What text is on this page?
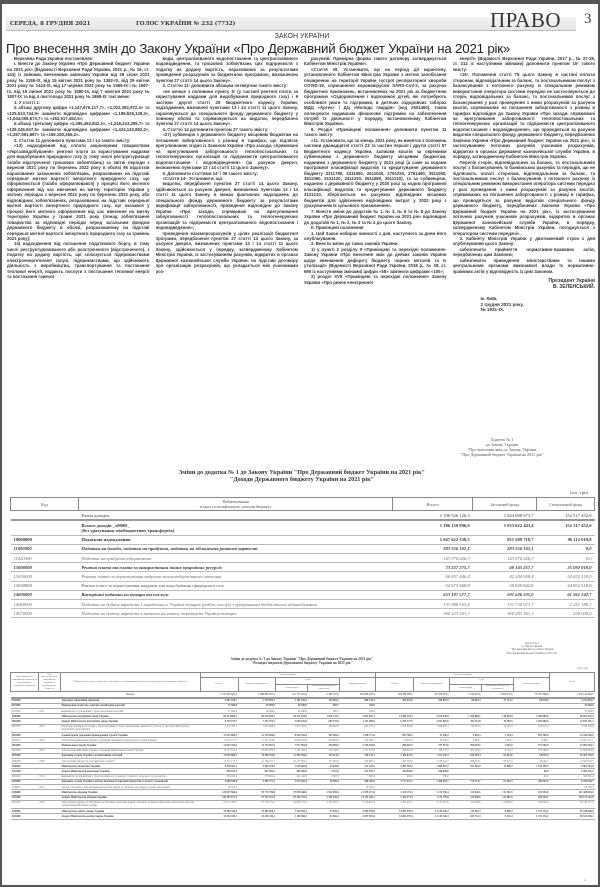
СЕРЕДА, 8 ГРУДНЯ 2021	ГОЛОС УКРАЇНИ № 232 (7732)	ПРАВО 3
ЗАКОН УКРАЇНИ
Про внесення змін до Закону України «Про Державний бюджет України на 2021 рік»

Верховна Рада України постановляє:

I. Внести до Закону України «Про Державний бюджет України на 2021 рік» (Відомості Верховної Ради України, 2021 р., № 16, ст. 144) із змінами, внесеними законами України від 28 січня 2021 року № 1158-IX, від 15 квітня 2021 року № 1392-IX, від 29 квітня 2021 року № 1424-IX, від 17 червня 2021 року № 1559-IX і № 1567-IX, від 15 липня 2021 року № 1680-IX, від 7 жовтня 2021 року № 1807-IX та від 4 листопада 2021 року № 1868-IX такі зміни:

1. У статті 1:

в абзаці другому цифри «1,147,676,117,7», «1,022,382,972,4» та «125,613,744,9» замінити відповідно цифрами «1,196,526,126,3», «1,044,008,673,7» та «152,517,452,6»;

в абзаці третьому цифри «1,395,462,842,2», «1,246,243,295,7» та «129,246,647,5» замінити відповідно цифрами «1,424,142,852,2», «1,267,991,687» та «156,150,265,2».

2. Статтю 11 доповнити пунктами 13 і 14 такого змісту:

«13) надходження від сплати акціонерним товариством «Укргазвидобування» рентної плати за користування надрами для видобування природного газу (у тому числі реструктуризації та/або відстроченої грошових зобов'язань) за звітні періоди з вересня 2021 року по березень 2022 року в обсязі 96 відсотків нарахованих зазначених зобов'язань, розрахованих на підставі середньої митної вартості імпортного природного газу, що оформлюється (та/або оформлювався) у процесі його митного оформлення від час ввезення на митну територію України у звітних періодах з вересня 2021 року по березень 2022 року, або відповідних зобов'язаннях, розрахованих на підставі середньої митної вартості імпортного природного газу, що оказався у процесі його митного оформлення від час ввезення на митну територію України у травні 2021 року (понад зобов'язання товариства за відповідні періоди перед загальним фондом державного бюджету в обсязі, розрахованому на підставі середньої митної вартості імпортного природного газу за травень 2021 року);

14) надходження від погашення податкового боргу, в тому числі реструктуризованого або розстроченого (відстроченого), з податку на додану вартість, що сплачується підприємствами електроенергетичної галузі, підприємствами, що здійснюють діяльність з виробництва, транспортування та постачання теплової енергії, надають послуги з постачання теплової енергії та постачання гарячої

води, централізованого водопостачання та централізованого водовідведення, та грошових зобов'язань цих підприємств з податку на додану вартість, нарахованих за результатами проведення розрахунків за бюджетною програмою, визначеною пунктом 27 статті 14 цього Закону».

3. Статтю 11¹ доповнити абзацом четвертим такого змісту:

«не менше з половини пункту 5¹ (у частині рентної плати за користування надрами для видобування природного газу) і 9 частини другої статті 29 Бюджетного кодексу України, надходження, визначені пунктами 13 і 14 статті 11 цього Закону, зараховуються до спеціального фонду державного бюджету у повному обсязі та спрямовуються на видатки, передбачені пунктом 27 статті 14 цього Закону».

4. Статтю 14 доповнити пунктом 27 такого змісту:

«27) субвенцію з державного бюджету місцевим бюджетам на погашення заборгованості з різниці в тарифах, що підлягає врегулюванню згідно із Законом України «Про заходи, спрямовані на врегулювання заборгованості теплопостачальних та теплогенеруючих організацій та підприємств централізованого водопостачання і водовідведення» (за рахунок джерел, визначених пунктами 13 і 14 статті 11 цього Закону)».

5. Доповнити статтями 14¹ і 39 такого змісту:

«Стаття 14¹. Установити, що:

видатки, передбачені пунктом 27 статті 14 цього Закону, здійснюються за рахунок джерел, визначених пунктами 13 і 14 статті 11 цього Закону, в межах фактичних надходжень до спеціального фонду державного бюджету за результатами верифікації заборгованості, проведеної відповідно до Закону України «Про заходи, спрямовані на врегулювання заборгованості теплопостачальних та теплогенеруючих організацій та підприємств централізованого водопостачання і водовідведення»;

проведення взаєморозрахунків у цілях реалізації бюджетної програми, передбаченої пунктом 27 статті 14 цього Закону, за рахунок джерел, визначених пунктами 13 і 14 статті 11 цього Закону, здійснюється у порядку, затвердженому Кабінетом Міністрів України, із застосуванням рахунків, відкритих в органах Державної казначейської служби України, на підставі договору про організацію розрахунків, що укладається між учасниками роз-

рахунків. Примірна форма такого договору затверджується Кабінетом Міністрів України».

«Стаття 39. Установити, що на період дії карантину, установленого Кабінетом Міністрів України з метою запобігання поширенню на території України гострої респіраторної хвороби COVID-19, спричиненої коронавірусом SARS-CoV-2, за рахунок бюджетних призначень, встановлених на 2021 рік за бюджетною програмою «Оздоровлення і відпочинок дітей, які потребують особливої уваги та підтримки, в дитячих оздоровчих таборах МДЦ «Артек» і ДЦ «Молода гвардія» (код 2501460), також оплачувати надавачам фінансове підтримки на забезпечення потреб їх діяльності у порядку, встановленому Кабінетом Міністрів України».

6. Розділ «Прикінцеві положення» доповнити пунктом 11 такого змісту:

«11. Установити, що за кінець 2021 року, як виняток з положень частини дванадцятої статті 23 та частин першої і другої статті 57 Бюджетного кодексу України, залишки коштів за окремими субвенціями з державного бюджету місцевим бюджетам, наданими з державного бюджету у 2021 році (а саме за кодами програмної класифікації видатків та кредитування державного бюджету 2211790, 2411050, 2611040, 2761220, 2761490, 3511050, 3511060, 3121120, 3411220, 3511080, 3611210), та за субвенцією, наданою з державного бюджету у 2020 році за кодом програмної класифікації видатків та кредитування державного бюджету 3131210, зберігаються на рахунках відповідних місцевих бюджетів для здійснення відповідних витрат у 2022 році з урахуванням їх цільового призначення».

7. Внести зміни до додатків № 1, № 3, № 6 та № 8 до Закону України «Про Державний бюджет України на 2021 рік» відповідно до додатків № 1, № 2, № 3 та № 4 до цього Закону.

II. Прикінцеві положення

1. Цей Закон набирає чинності з дня, наступного за днем його опублікування.

2. Внести зміни до таких законів України:

1) у пункті 2 розділу II «Прикінцеві та перехідні положення» Закону України «Про внесення змін до деяких законів України щодо зменшення дефіциту бюджету чорних металів та їх утилізації» (Відомості Верховної Ради України, 2018 р., № 39, ст. 690 із наступними змінами) цифри «58» замінити цифрами «100»;

2) розділ XVII «Прикінцеві та перехідні положення» Закону України «Про ринок електричної

енергії» (Відомості Верховної Ради України, 2017 р., № 27-28, ст. 312 із наступними змінами) доповнити пунктом 15¹ такого змісту:

«15¹. Положення статті 75 цього Закону в частині оплати сторонам, відповідальним за баланс, та постачальникам послуг з балансування з поточного рахунку із спеціальним режимом використання оператора системи передачі не застосовуються до сторін, відповідальних за баланс, та постачальників послуг з балансування у разі проведення з ними розрахунків за рахунок коштів, спрямованих на погашення заборгованості з різниці в тарифах відповідно до Закону України «Про заходи, спрямовані на врегулювання заборгованості теплопостачальних та теплогенеруючих організацій та підприємств централізованого водопостачання і водовідведення», що проводяться за рахунок видатків спеціального фонду державного бюджету, передбачених Законом України «Про Державний бюджет України на 2021 рік», із застосуванням поточних рахунків учасників розрахунків, відкритих в органах Державної казначейської служби України, в порядку, затвердженому Кабінетом Міністрів України.

Перелік сторін, відповідальних за баланс, та постачальників послуг з балансування, їх банківських рахунків та періодів, що не підлягають оплаті сторонам, відповідальним за баланс, та постачальникам послуг з балансування з поточного рахунку із спеціальним режимом використання оператора системи передачі у разі проведення з ними розрахунків за рахунок коштів, спрямованих на погашення заборгованості з різниці в тарифах, що проводяться за рахунок видатків спеціального фонду державного бюджету, передбачених Законом України «Про Державний бюджет України на 2021 рік», із застосуванням поточних рахунків учасників розрахунків, відкритих в органах Державної казначейської служби України, в порядку, затвердженому Кабінетом Міністрів України, погоджується з оператором системи передачі».

3. Кабінету Міністрів України у двотижневий строк з дня опублікування цього Закону:

забезпечити прийняття нормативно-правових актів, передбачених цим Законом;

забезпечити приведення міністерствами та іншими центральними органами виконавчої влади їх нормативно-правових актів у відповідність із цим Законом.

Президент України
В. ЗЕЛЕНСЬКИЙ.
м. Київ,
2 грудня 2021 року.
№ 1931-IX.
Додаток № 1
до Закону України
"Про внесення змін до Закону України
"Про Державний бюджет України на 2021 рік"
Зміни до додатка № 1 до Закону України "Про Державний бюджет України на 2021 рік"
"Доходи Державного бюджету України на 2021 рік"
(тис. грн)
Код	Найменування
згідно з класифікацією доходів бюджету	Всього	Загальний фонд	Спеціальний фонд
	Разом доходів:	1 196 526 126,3	1 044 008 673,7	152 517 452,6
	Всього доходів _x000D_
(без урахування міжбюджетних трансфертів)	1 186 139 896,0	1 033 622 443,4	152 517 452,6
10000000	Податкові надходження	1 047 622 338,5	951 509 718,7	96 112 619,8
11000000	Податки на доходи, податки на прибуток, податки на збільшення ринкової вартості	283 556 102,1	283 556 102,1	0,0
11020000	Податок на прибуток підприємств	143 976 026,3	143 976 026,3	0,0
13000000	Рентна плата та плата за використання інших природних ресурсів	73 237 275,7	48 145 257,7	25 092 018,0
13030000	Рентна плата за користування надрами загальнодержавного значення	66 857 446,4	42 204 928,4	24 652 518,0
13030800	Рентна плата за користування надрами для видобування природного газу	54 673 360,8	30 020 842,8	24 652 518,0
14000000	Внутрішні податки на товари та послуги	653 197 577,7	591 636 335,0	61 561 242,7
14060000	Податок на додану вартість з вироблених в Україні товарів (робіт, послуг) з урахуванням бюджетного відшкодування	133 986 163,4	131 734 973,7	2 251 189,7
14070000	Податок на додану вартість з ввезених на митну територію України товарів	360 523 361,3	360 293 361,3	230 000,0
Додаток № 2
до Закону України
"Про внесення змін до Закону України
"Про Державний бюджет України на 2021 рік"
Зміни до додатка № 3 до Закону України "Про Державний бюджет України на 2021 рік"
"Розподіл видатків Державного бюджету України на 2021 рік"
(тис. грн)
Код програмної класифікації видатків та кредитування державного бюджету	Код функціональної класифікації видатків та кредитування бюджету	Найменування згідно з відомчою і програмною класифікаціями видатків та кредитування державного бюджету	Загальний фонд					Спеціальний фонд					Разом
			Всього	видатки споживання	з них		видатки розвитку	Всього	видатки споживання	з них		видатки розвитку	
					оплата праці	комунальні послуги та енергоносії				оплата праці	комунальні послуги та енергоносії		
		Всього	1 247 991 687,0	1 088 868 267,1	213 772 163,8	8 400 207,0	159 086 225,9	164 180 399,2	87 929 594,7	7 610 242,6	1 968 315,0	76 787 408,0	1 424 142 082,2
0300000		Державне управління справами	2 967 246,7	2 278 964,3	1 181 642,9	164 656,2	688 742,4	261 633,5	266 897,9	86 683,4	37 134,2	96 070,6	3 231 863,2
0310000		Національне агентство з питань запобігання корупції	37 068,8	36 899,0	26 948,9	960,7	169,8						37 068,8
0310010	0111	Керівництво та управління у сфері запобігання корупції	37 068,8	36 899,0	26 948,9	960,7	169,8						37 068,8
1000000		Міністерство внутрішніх справ України	86 254 688,1	80 310 633,5	58 571 624,8	1 656 170,2	4 994 055,1	12 460 135,3	4 976 048,8	1 590 060,1	148 565,8	7 483 086,5	98 662 823,4
1001000		Апарат Міністерства внутрішніх справ України	8 478 773,7	7 337 474,7	4 649 632,6	284 179,4	1 141 099,0	6 454 377,5	2 042 897,6	392 115,8	46 495,5	4 393 080,5	14 933 151,2
1001070	0310	Реалізація державної політики у сфері внутрішніх справ, забезпечення діяльності установ та закладів Міністерства внутрішніх справ України	7 415 583,1	7 014 408,0	5 617 970,9	189 663,5	401 075,1	1 913 653,0	1 068 895,1	110 087,5	12 405,3	550 017,4	7 748 318,6
1002000		Адміністрація Державної прикордонної служби України	13 553 869,5	12 378 098,0	8 956 768,4	367 484,3	1 198 771,6	891 788,1	31 396,2	9 045,5	3 139,3	857 385,9	14 445 656,6
1002010	0310	Забезпечення виконання завдань та функцій Державної прикордонної служби України	11 814 777,7	11 227 708,8	8 083 418,8	248 804,0	592 068,1	20 097,6	37 953,3	6 984,7	2 663,2	3 080,7	11 861 877,1
1003000		Національна гвардія України	14 092 763,6	11 744 857,4	7 977 964,8	439 808,2	2 105 935,6	598 681,3	787 874,6	490 018,6	4 063,9	151 565,8	14 984 364,2
1003020	0310	Забезпечення виконання завдань та функцій Національної гвардії України	11 773 513,3	10 045 877,5	7 181 325,2	219 148,9	1 117 475,8	566 341,3	768 772,3	492 548,9	4 102,2	197 566,0	12 039 854,6
1005000		Державна служба України з надзвичайних ситуацій	15 055 869,1	14 386 534,0	11 582 768,6	193 014,9	708 145,1	1 404 875,5	1 351 478,4	814 595,4	81 843,6	58 035,9	16 463 756,6
1006250	0320	Забезпечення діяльності сил цивільного захисту	13 215 170,7	12 784 197,1	10 127 854,1	157 902,0	430 867,2	1 185 505,6	1 186 441,7	580 144,1	66 973,5	59 062,7	14 500 676,3
1200000		Міністерство економіки України	6 978 961,2	3 904 470,9	2 979 663,8	44 628,9	721 322,6	2 983 369,4	1 869 879,2	817 410,9	13 886,3	1 110 290,9	9 962 363,8
1201000		Апарат Міністерства економіки України	802 813,2	697 834,2	446 469,8	2 927,8	151 679,7	206 838,0	206 838,0			00,0	1 009 151,2
1201010	0132	Керівництво та управління у сфері економічного розвитку, торгівлі та сільського господарства	583 401,4	576 801,4	441 442,5	2 927,8	7 600,0	400,0	300,0			00,0	583 801,4
1209000		Державна служба України з питань безпечності харчових продуктів та захисту споживачів	4 668 936,6	4 389 772,1	3 913 642,0	40 896,2	698 766,9	1 771 691,1	1 469 992,7	776 114,1	61 062,3	309 697,6	6 709 636,7
1209010	0421	Заходи з боротьби з небезпечними хворобами тварин та спільних для тварин і людей захворювань	28 766,3				28 766,3						28 766,3
2100000		Міністерство оборони України	120 057 866,6	99 779 796,8	87 059 648,2	2 924 059,4	21 478 071,8	1 410 176,3	1 176 558,4	314 028,6	113 281,9	233 592,8	121 468 043,0
2101000		Апарат Міністерства оборони України	118 783 871,5	97 742 417,8	87 165 719,6	2 782 939,4	21 141 489,1	1 363 571,3	1 133 776,6	314 038,6	113 081,8	209 594,7	120 147 442,8
2101020	0210	Забезпечення діяльності Збройних Сил України, підготовка кадрів у військах, розвиток військових навчальних закладів, забезпечення військової служби	93 217 466,7	87 114 770,1	76 809 717,6	2 702 937,2	5 110 981,3	1 303 476,1	1 131 315,6	311 638,6	113 083,8	239 863,9	93 519 117,3
2200000		Міністерство освіти і науки України	35 480 394,0	33 389 468,1	1 339 894,2	33 829,3	3 090 935,6	14 867 679,5	13 145 346,3	113 981,3	9 096,4	1 722 333,2	50 348 068,6
2201000		Апарат Міністерства освіти і науки України	35 363 358,7	32 338 336,1	1 189 098,3	31 865,4	3 087 935,6	14 861 479,5	13 129 346,3	109 733,3	9 253,4	1 732 133,2	50 163 838,2
1
